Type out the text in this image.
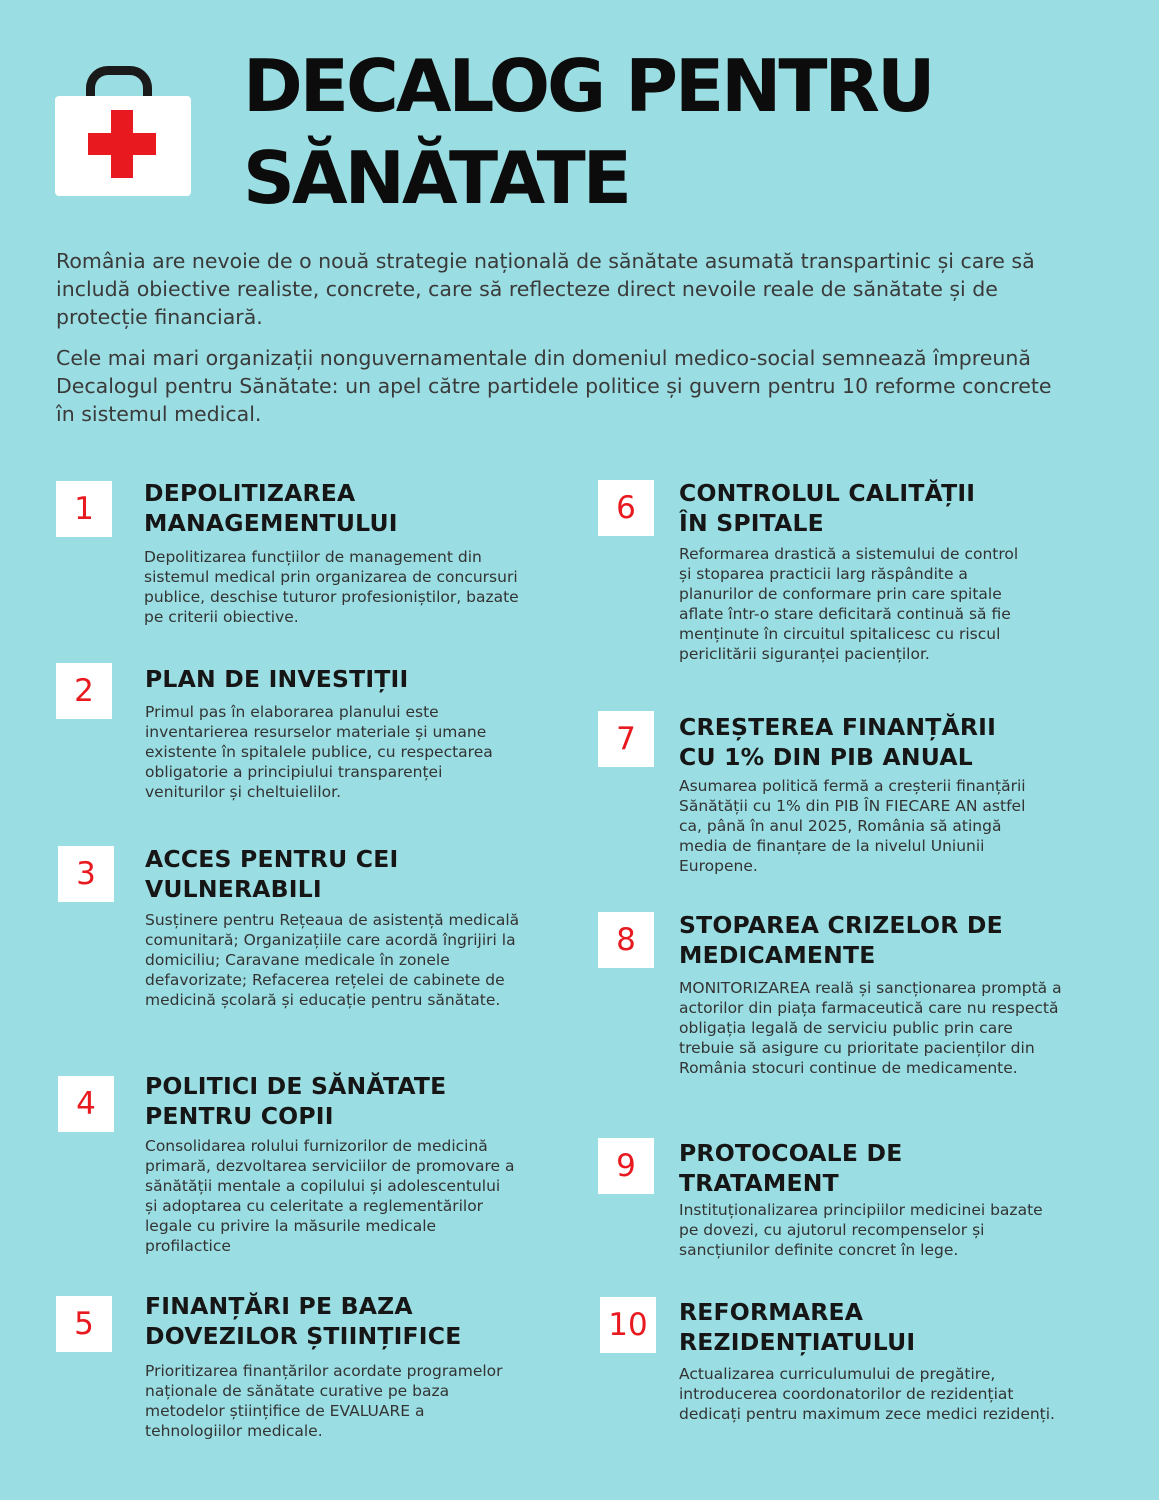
DECALOG PENTRU
SĂNĂTATE

România are nevoie de o nouă strategie națională de sănătate asumată transpartinic și care să includă obiective realiste, concrete, care să reflecteze direct nevoile reale de sănătate și de protecție financiară.

Cele mai mari organizații nonguvernamentale din domeniul medico-social semnează împreună Decalogul pentru Sănătate: un apel către partidele politice și guvern pentru 10 reforme concrete în sistemul medical.

1	DEPOLITIZAREA MANAGEMENTULUI

Depolitizarea funcțiilor de management din sistemul medical prin organizarea de concursuri publice, deschise tuturor profesioniștilor, bazate pe criterii obiective.

2	PLAN DE INVESTIȚII

Primul pas în elaborarea planului este inventarierea resurselor materiale și umane existente în spitalele publice, cu respectarea obligatorie a principiului transparenței veniturilor și cheltuielilor.

3	ACCES PENTRU CEI VULNERABILI

Susținere pentru Rețeaua de asistență medicală comunitară; Organizațiile care acordă îngrijiri la domiciliu; Caravane medicale în zonele defavorizate; Refacerea rețelei de cabinete de medicină școlară și educație pentru sănătate.

4	POLITICI DE SĂNĂTATE PENTRU COPII

Consolidarea rolului furnizorilor de medicină primară, dezvoltarea serviciilor de promovare a sănătății mentale a copilului și adolescentului și adoptarea cu celeritate a reglementărilor legale cu privire la măsurile medicale profilactice

5	FINANȚĂRI PE BAZA DOVEZILOR ȘTIINȚIFICE

Prioritizarea finanțărilor acordate programelor naționale de sănătate curative pe baza metodelor științifice de EVALUARE a tehnologiilor medicale.

6	CONTROLUL CALITĂȚII ÎN SPITALE

Reformarea drastică a sistemului de control și stoparea practicii larg răspândite a planurilor de conformare prin care spitale aflate într-o stare deficitară continuă să fie menținute în circuitul spitalicesc cu riscul periclitării siguranței pacienților.

7	CREȘTEREA FINANȚĂRII CU 1% DIN PIB ANUAL

Asumarea politică fermă a creșterii finanțării Sănătății cu 1% din PIB ÎN FIECARE AN astfel ca, până în anul 2025, România să atingă media de finanțare de la nivelul Uniunii Europene.

8	STOPAREA CRIZELOR DE MEDICAMENTE

MONITORIZAREA reală și sancționarea promptă a actorilor din piața farmaceutică care nu respectă obligația legală de serviciu public prin care trebuie să asigure cu prioritate pacienților din România stocuri continue de medicamente.

9	PROTOCOALE DE TRATAMENT

Instituționalizarea principiilor medicinei bazate pe dovezi, cu ajutorul recompenselor și sancțiunilor definite concret în lege.

10	REFORMAREA REZIDENȚIATULUI

Actualizarea curriculumului de pregătire, introducerea coordonatorilor de rezidențiat dedicați pentru maximum zece medici rezidenți.
